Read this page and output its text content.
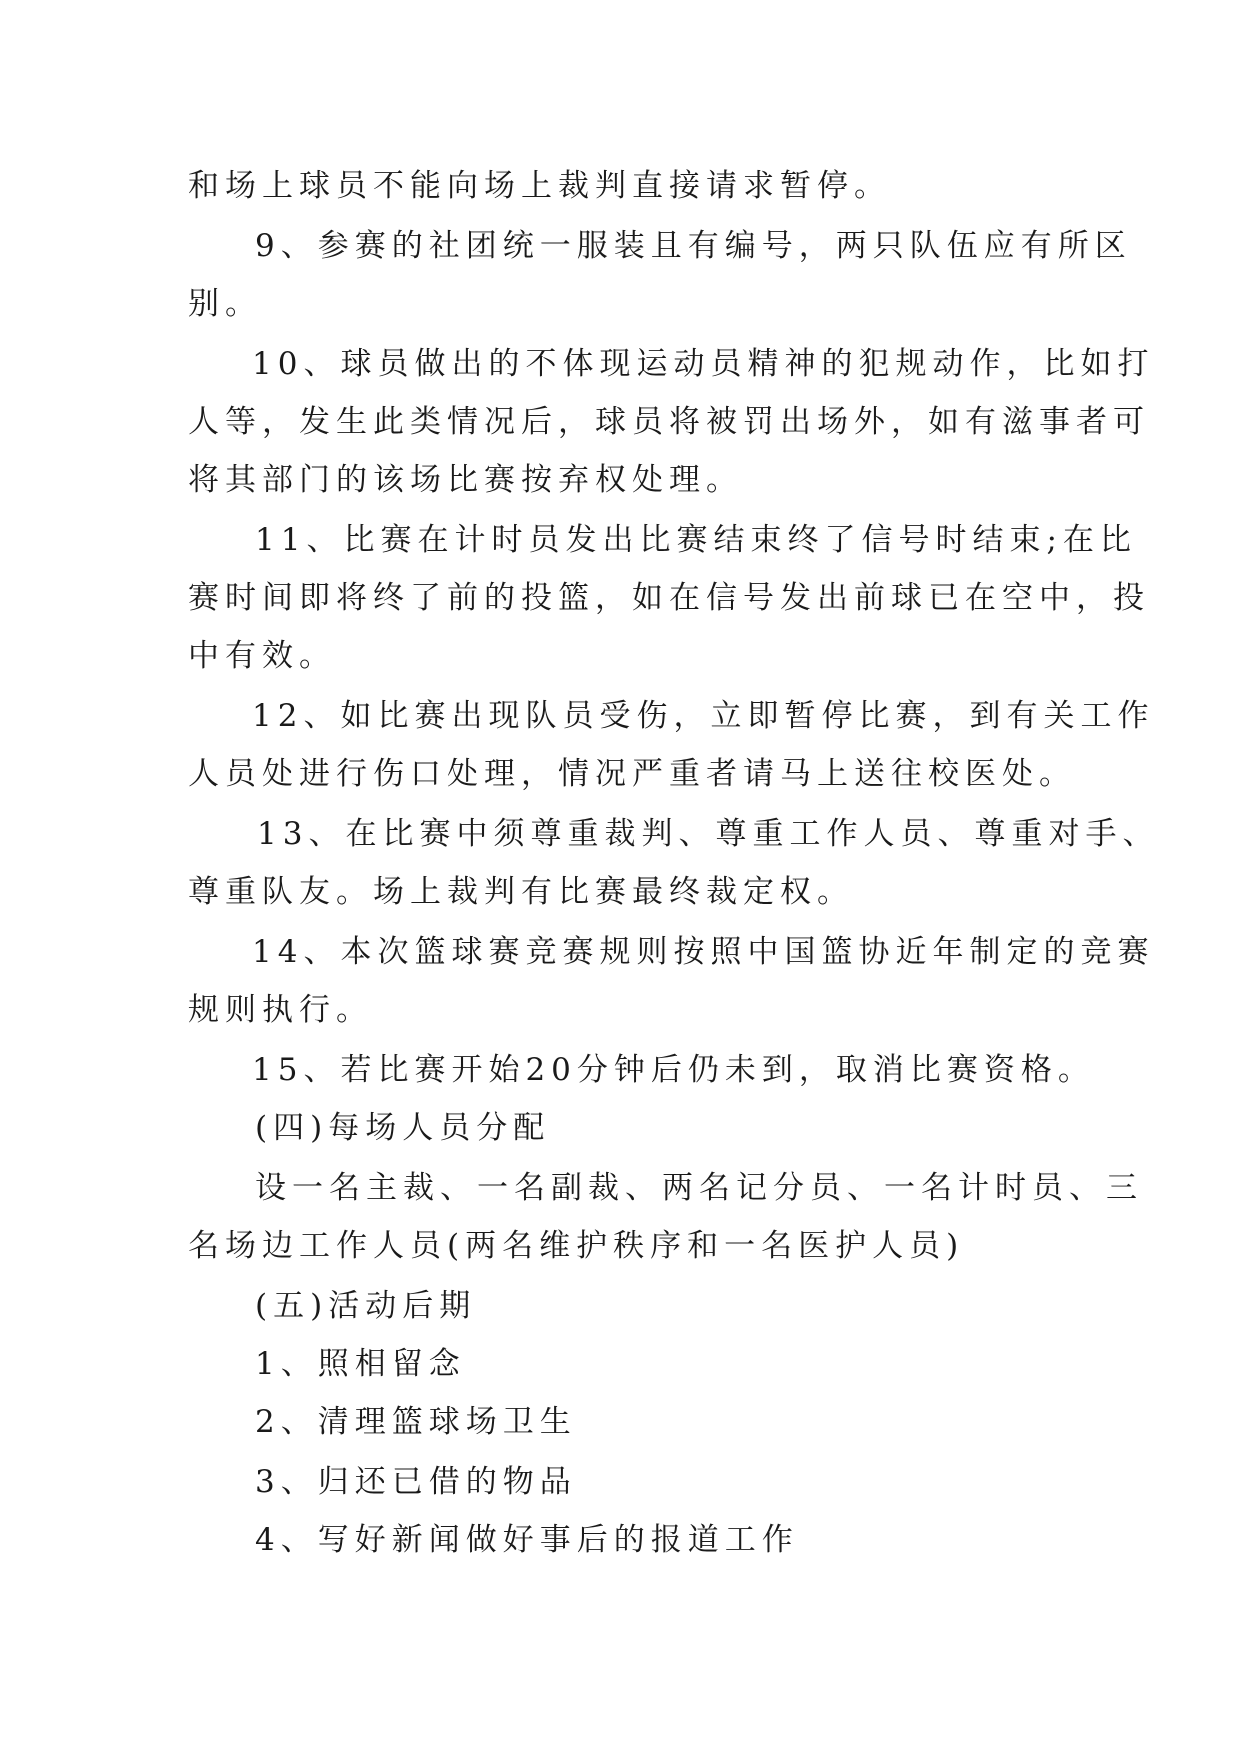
和场上球员不能向场上裁判直接请求暂停。
9、参赛的社团统一服装且有编号，两只队伍应有所区
别。
10、球员做出的不体现运动员精神的犯规动作，比如打
人等，发生此类情况后，球员将被罚出场外，如有滋事者可
将其部门的该场比赛按弃权处理。
11、比赛在计时员发出比赛结束终了信号时结束;在比
赛时间即将终了前的投篮，如在信号发出前球已在空中，投
中有效。
12、如比赛出现队员受伤，立即暂停比赛，到有关工作
人员处进行伤口处理，情况严重者请马上送往校医处。
13、在比赛中须尊重裁判、尊重工作人员、尊重对手、
尊重队友。场上裁判有比赛最终裁定权。
14、本次篮球赛竞赛规则按照中国篮协近年制定的竞赛
规则执行。
15、若比赛开始20分钟后仍未到，取消比赛资格。
(四)每场人员分配
设一名主裁、一名副裁、两名记分员、一名计时员、三
名场边工作人员(两名维护秩序和一名医护人员)
(五)活动后期
1、照相留念
2、清理篮球场卫生
3、归还已借的物品
4、写好新闻做好事后的报道工作
